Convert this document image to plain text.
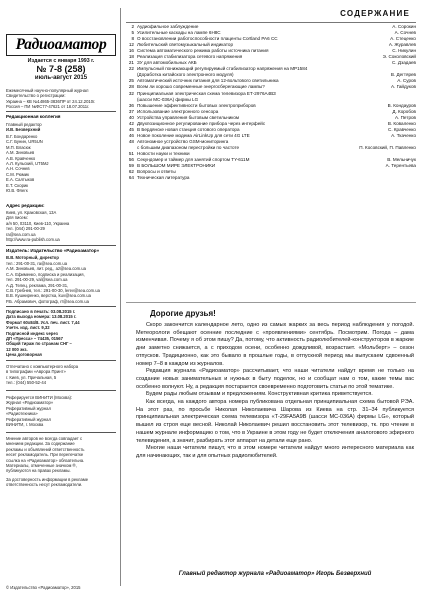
Радиоаматор
Издается с января 1993 г.
№ 7-8 (258)
июль-август 2015
Ежемесячный научно-популярный журнал
Свидетельство о регистрации:
Украина – КВ №14865-3836ПР от 24.12.2010г.
Россия – ПИ №ФС77-47621 от 18.07.2011г.
Редакционная коллегия
Главный редактор
И.В. Безверхний
В.Г. Бондаренко
С.Г. Бунин, UR5UN
М.П. Власюк
А.М. Зиновьев
А.В. Кравченко
А.Л. Кульский, UT5MJ
А.Н. Сочнев
С.М. Рюмик
Е.А. Салтыков
Е.Т. Скорик
Ю.В. Флегк
Адрес редакции:
Киев, ул. Краковская, 13А
Для писем:
а/я 50, 03110, Киев-110, Украина
тел. (044) 291-00-29
ra@sea.com.ua
http://www.ra-publish.com.ua
Издатель: Издательство «Радиоаматор»
В.В. Моторный, директор
тел.: 291-00-31, ra@sea.com.ua
А.М. Зиновьев, лит. ред., az@sea.com.ua
С.А. Ефименко, подписка и реализация,
тел. 291-00-29, val@sea.com.ua
А.Д. Телец, реклама, 291-00-31,
С.В. Гребнев, тел.: 291-00-30, lerev@sea.com.ua
В.В. Кушниренко, верстка, kuv@sea.com.ua
Р.Б. Абрамович, фотограф, rr@sea.com.ua
Подписано в печать: 03.08.2015 г.
Дата выхода номера: 13.08.2015 г.
Формат 60x84/8. Усл. печ. лист. 7,44
Учетн. изд. лист. 9,32
Подписной индекс через
ДП «Пресса» – 74435, 01567
Общий тираж по странам СНГ –
12 000 экз.
Цена договорная
Отпечатано с компьютерного набора
в типографии «Аврора Принт»
г. Киев, ул. Причальная, 5
тел.: (044) 550-52-44
Реферируется ВИНИТИ (Москва):
Журнал «Радиоаматор»
Реферативный журнал
«Радиотехника»
Реферативный журнал
ВИНИТИ, г. Москва
Мнение авторов не всегда совпадает с
мнением редакции. За содержание
рекламы и объявлений ответственность
несет рекламодатель. При перепечатке
ссылка на «Радиоаматор» обязательна.
Материалы, отмеченные значком ®,
публикуются на правах рекламы.
За достоверность информации в рекламе
ответственность несут рекламодатели.
© Издательство «Радиоаматор», 2015
СОДЕРЖАНИЕ
2 Аудиофильное заблуждение	А. Сорокин
5 Усилительные каскады на лампе 6Н8С	А. Сочнев
8 О восстановлении работоспособности плаценты Cortland PA6 CC	А. Стеценко
12 Любительский светомузыкальный индикатор	А. Журавлев
16 Система автоматического режима работы источника питания	С. Никулин
18 Реализация стабилизатора сетевого напряжения	Э. Соколовский
21 ЗУ для автомобильных АКБ	С. Дзадаев
22 Импульсный понижающий регулируемый стабилизатор напряжения на MP1584
(Доработка китайского электронного модуля)	В. Дегтярев
25 Автоматический источник питания для 12-вольтового светильника	А. Суров
28 Всем ли хорошо современные энергосберегающие лампы?	А. Гайдуков
32 Принципиальная электрическая схема телевизора ЕТ-2976А4ВЗ
(шасси MC-036А) фирмы LG
36 Повышение эффективности бытовых электроприборов	В. Кондауров
37 Использование электронного сенсора	Д. Коробов
40 Устройства управления бытовым светильником	А. Петров
42 Двухпозиционное регулирование прибора через интерфейс	В. Коваленко
45 В Бердянске новая станция сотового оператора	С. Кравченко
46 Новое поколение модема AirLinkUp для сети 4G LTE	А. Ткаченко
48 Автономное устройство GSM-мониторинга
с большим диапазоном перестройки по частоте	П. Косовский, П. Павленко
51 Новости науки и техники
56 Секундомер и таймер для занятий спортом TY-611M	В. Мельничук
59 В БОЛЬШОМ МИРЕ ЭЛЕКТРОНИКИ	А. Терентьева
62 Вопросы и ответы
64 Техническая литература
Дорогие друзья!

Скоро закончится календарное лето, одно из самых жарких за весь период наблюдения у погодой. Метеорологи обещают осенние последние с «проявлениями» сентябрь. Посмотрим. Погода – дама изменчивая. Почему я об этом пишу? Да, потому, что активность радиолюбителей-конструкторов в жаркие дни заметно снижается, а с приходом осени, особенно дождливой, возрастает. «Мольберт» – сезон отпусков. Традиционно, как это бывало в прошлые годы, в отпускной период мы выпускаем сдвоенный номер 7–8 в каждом из журналов.

Редакция журнала «Радиоаматор» рассчитывает, что наши читатели найдут время не только на создание новых занимательных и нужных в быту поделок, но и сообщат нам о том, какие темы вас особенно волнуют. Ну, а редакция постарается своевременно подготовить статьи по этой тематике.

Будем рады любым отзывам и предложениям. Конструктивная критика приветствуется.

Как всегда, на каждого автора номера публикована отдельная принципиальная схема бытовой РЭА. На этот раз, по просьбе Николая Николаевича Шарова из Киева на стр. 31–34 публикуется принципиальная электрическая схема телевизора «Т-29FA5А9В (шасси MC-036А) фирмы LG», который вышел из строя еще весной. Николай Николаевич решил восстановить этот телевизор, тк. про чтение в нашем журнале информацию о том, что в Украине в этом году не будет отключения аналогового эфирного телевидения, а значит, разбирать этот аппарат на детали еще рано.

Многие наши читатели пишут, что в этом номере читатели найдут много интересного материала как для начинающих, так и для опытных радиолюбителей.

Главный редактор журнала «Радиоаматор» Игорь Безверхний
